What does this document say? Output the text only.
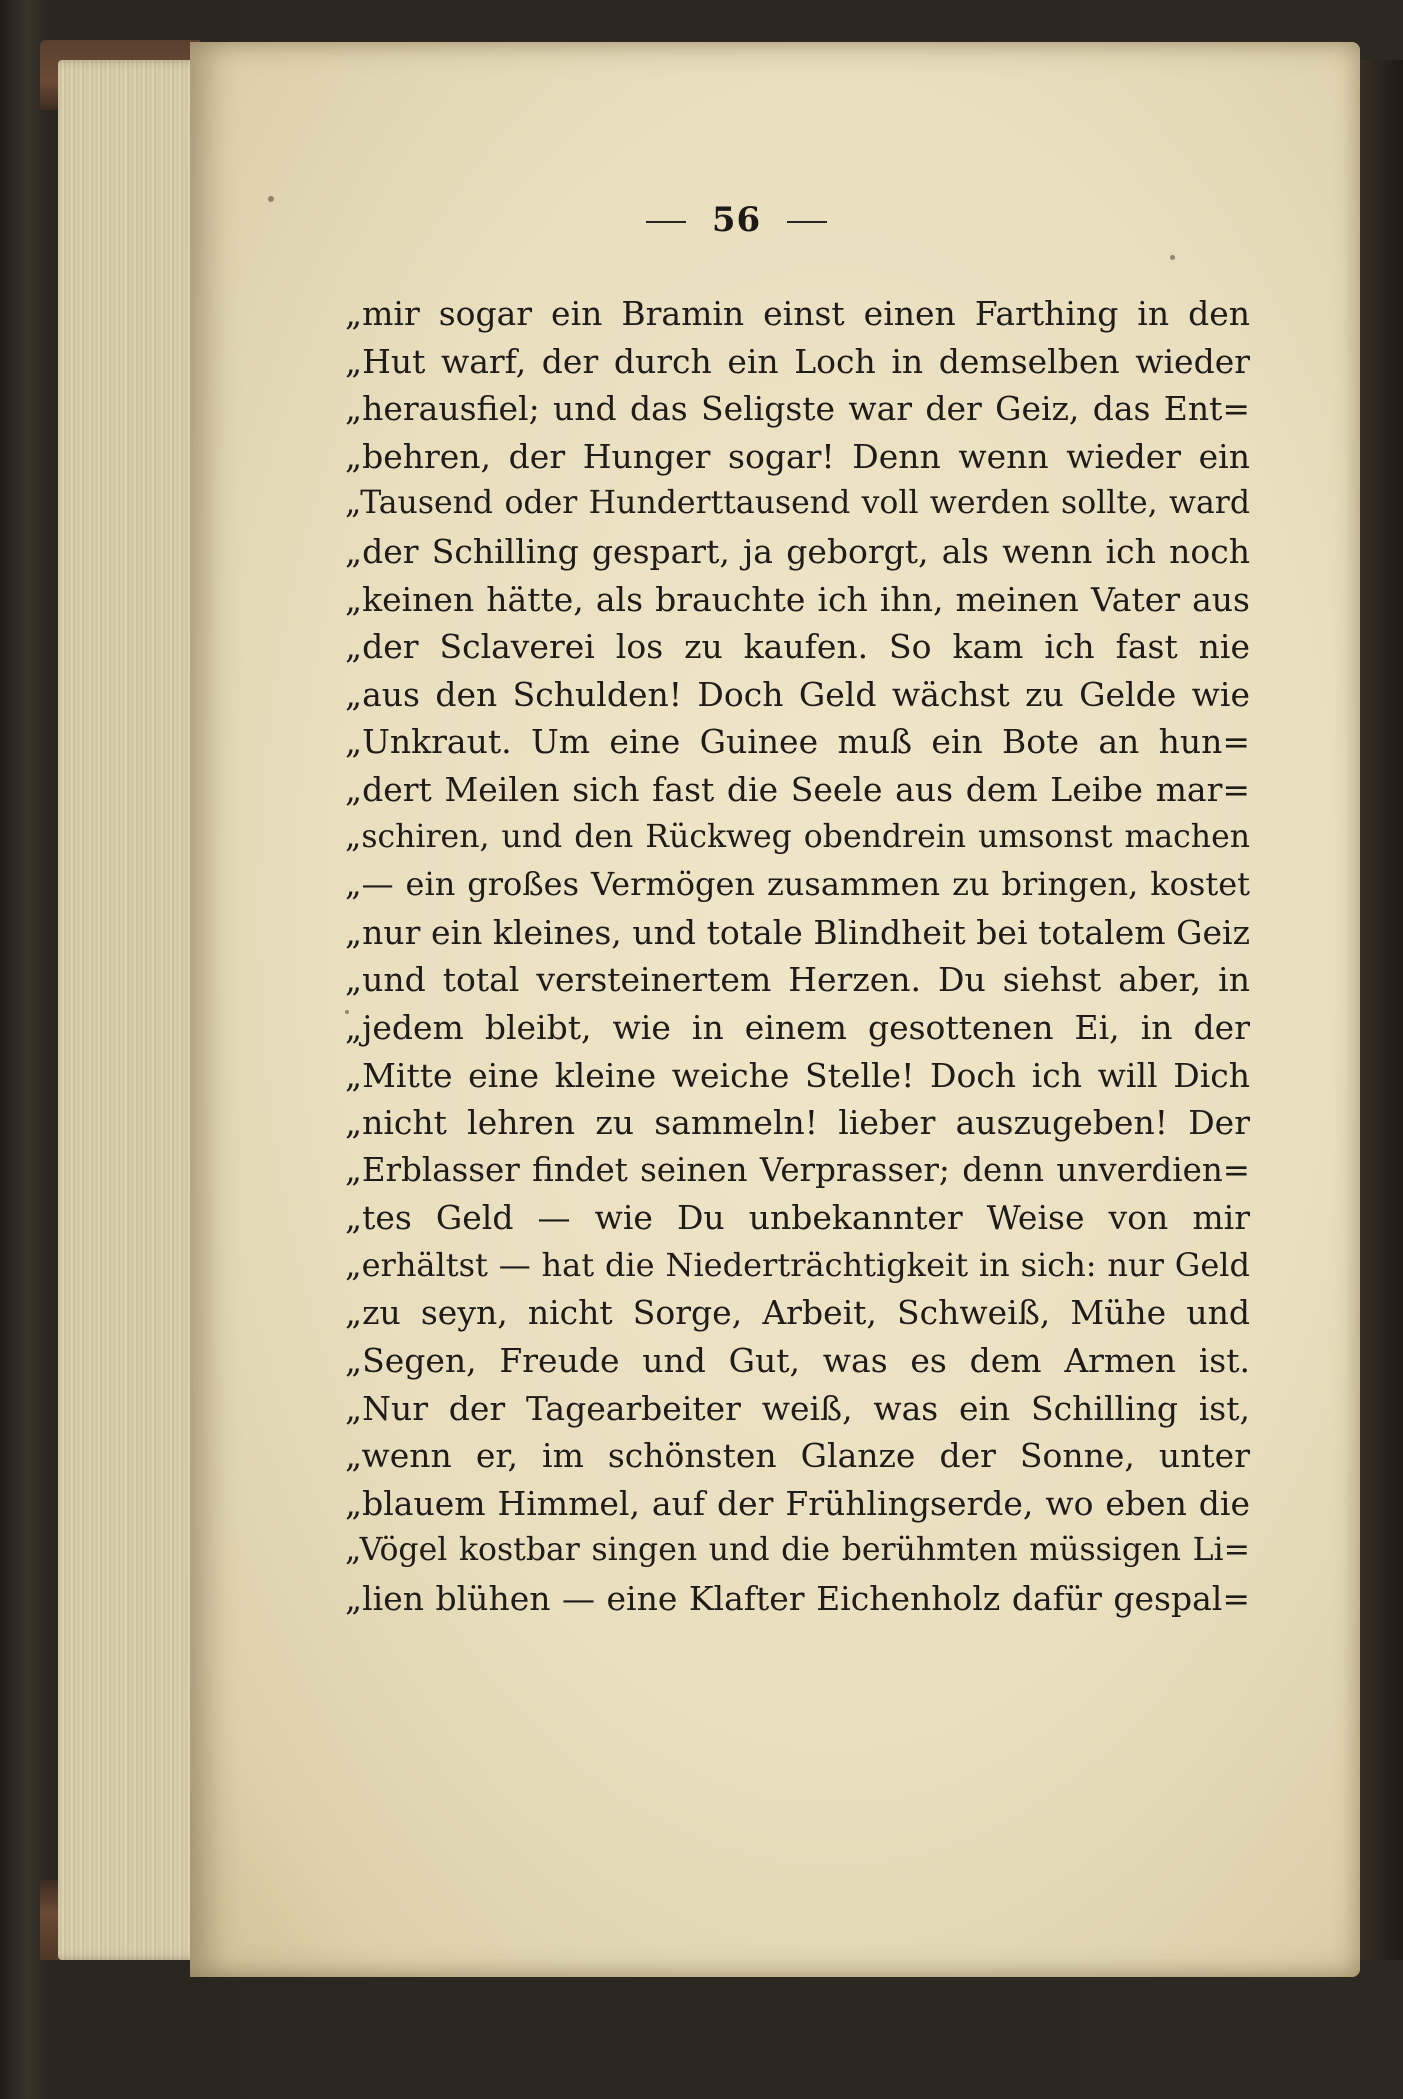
56
„mir sogar ein Bramin einst einen Farthing in den
„Hut warf, der durch ein Loch in demselben wieder
„herausfiel; und das Seligste war der Geiz, das Ent=
„behren, der Hunger sogar! Denn wenn wieder ein
„Tausend oder Hunderttausend voll werden sollte, ward
„der Schilling gespart, ja geborgt, als wenn ich noch
„keinen hätte, als brauchte ich ihn, meinen Vater aus
„der Sclaverei los zu kaufen. So kam ich fast nie
„aus den Schulden! Doch Geld wächst zu Gelde wie
„Unkraut. Um eine Guinee muß ein Bote an hun=
„dert Meilen sich fast die Seele aus dem Leibe mar=
„schiren, und den Rückweg obendrein umsonst machen
„— ein großes Vermögen zusammen zu bringen, kostet
„nur ein kleines, und totale Blindheit bei totalem Geiz
„und total versteinertem Herzen. Du siehst aber, in
„jedem bleibt, wie in einem gesottenen Ei, in der
„Mitte eine kleine weiche Stelle! Doch ich will Dich
„nicht lehren zu sammeln! lieber auszugeben! Der
„Erblasser findet seinen Verprasser; denn unverdien=
„tes Geld — wie Du unbekannter Weise von mir
„erhältst — hat die Niederträchtigkeit in sich: nur Geld
„zu seyn, nicht Sorge, Arbeit, Schweiß, Mühe und
„Segen, Freude und Gut, was es dem Armen ist.
„Nur der Tagearbeiter weiß, was ein Schilling ist,
„wenn er, im schönsten Glanze der Sonne, unter
„blauem Himmel, auf der Frühlingserde, wo eben die
„Vögel kostbar singen und die berühmten müssigen Li=
„lien blühen — eine Klafter Eichenholz dafür gespal=
